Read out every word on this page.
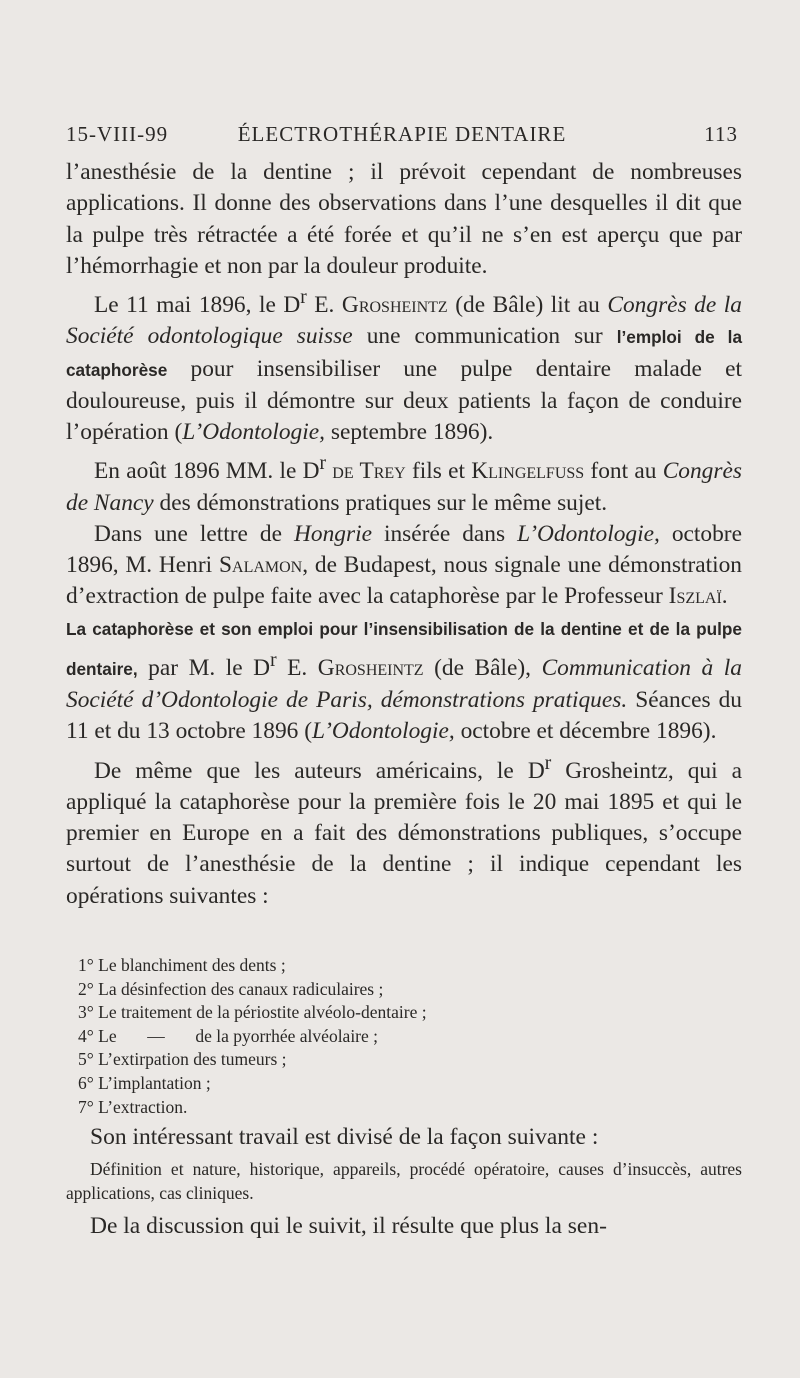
15-VIII-99	ÉLECTROTHÉRAPIE DENTAIRE	113

l’anesthésie de la dentine ; il prévoit cependant de nombreuses applications. Il donne des observations dans l’une desquelles il dit que la pulpe très rétractée a été forée et qu’il ne s’en est aperçu que par l’hémorrhagie et non par la douleur produite.

Le 11 mai 1896, le $D^r$ E. Grosheintz (de Bâle) lit au Congrès de la Société odontologique suisse une communication sur l’emploi de la cataphorèse pour insensibiliser une pulpe dentaire malade et douloureuse, puis il démontre sur deux patients la façon de conduire l’opération (L’Odontologie, septembre 1896).

En août 1896 MM. le $D^r$ de Trey fils et Klingelfuss font au Congrès de Nancy des démonstrations pratiques sur le même sujet.

Dans une lettre de Hongrie insérée dans L’Odontologie, octobre 1896, M. Henri Salamon, de Budapest, nous signale une démonstration d’extraction de pulpe faite avec la cataphorèse par le Professeur Iszlaï.

La cataphorèse et son emploi pour l’insensibilisation de la dentine et de la pulpe dentaire, par M. le $D^r$ E. Grosheintz (de Bâle), Communication à la Société d’Odontologie de Paris, démonstrations pratiques. Séances du 11 et du 13 octobre 1896 (L’Odontologie, octobre et décembre 1896).

De même que les auteurs américains, le $D^r$ Grosheintz, qui a appliqué la cataphorèse pour la première fois le 20 mai 1895 et qui le premier en Europe en a fait des démonstrations publiques, s’occupe surtout de l’anesthésie de la dentine ; il indique cependant les opérations suivantes :

1° Le blanchiment des dents ;
2° La désinfection des canaux radiculaires ;
3° Le traitement de la périostite alvéolo-dentaire ;
4° Le       —       de la pyorrhée alvéolaire ;
5° L’extirpation des tumeurs ;
6° L’implantation ;
7° L’extraction.
Son intéressant travail est divisé de la façon suivante :
Définition et nature, historique, appareils, procédé opératoire, causes d’insuccès, autres applications, cas cliniques.
De la discussion qui le suivit, il résulte que plus la sen-
